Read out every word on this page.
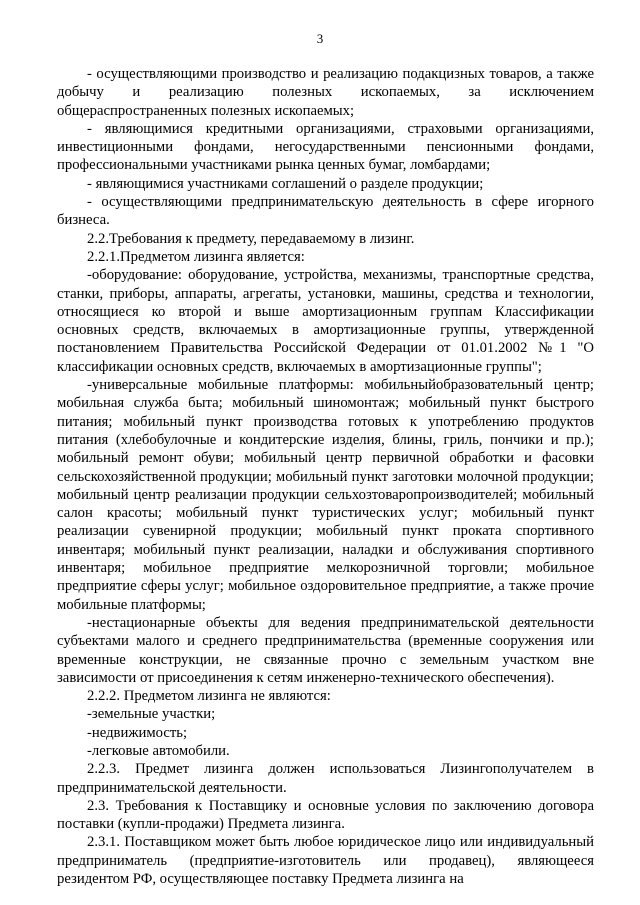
3

- осуществляющими производство и реализацию подакцизных товаров, а также добычу и реализацию полезных ископаемых, за исключением общераспространенных полезных ископаемых;

- являющимися кредитными организациями, страховыми организациями, инвестиционными фондами, негосударственными пенсионными фондами, профессиональными участниками рынка ценных бумаг, ломбардами;

- являющимися участниками соглашений о разделе продукции;

- осуществляющими предпринимательскую деятельность в сфере игорного бизнеса.

2.2.Требования к предмету, передаваемому в лизинг.

2.2.1.Предметом лизинга является:

-оборудование: оборудование, устройства, механизмы, транспортные средства, станки, приборы, аппараты, агрегаты, установки, машины, средства и технологии, относящиеся ко второй и выше амортизационным группам Классификации основных средств, включаемых в амортизационные группы, утвержденной постановлением Правительства Российской Федерации от 01.01.2002 №1 "О классификации основных средств, включаемых в амортизационные группы";

-универсальные мобильные платформы: мобильныйобразовательный центр; мобильная служба быта; мобильный шиномонтаж; мобильный пункт быстрого питания; мобильный пункт производства готовых к употреблению продуктов питания (хлебобулочные и кондитерские изделия, блины, гриль, пончики и пр.); мобильный ремонт обуви; мобильный центр первичной обработки и фасовки сельскохозяйственной продукции; мобильный пункт заготовки молочной продукции; мобильный центр реализации продукции сельхозтоваропроизводителей; мобильный салон красоты; мобильный пункт туристических услуг; мобильный пункт реализации сувенирной продукции; мобильный пункт проката спортивного инвентаря; мобильный пункт реализации, наладки и обслуживания спортивного инвентаря; мобильное предприятие мелкорозничной торговли; мобильное предприятие сферы услуг; мобильное оздоровительное предприятие, а также прочие мобильные платформы;

-нестационарные объекты для ведения предпринимательской деятельности субъектами малого и среднего предпринимательства (временные сооружения или временные конструкции, не связанные прочно с земельным участком вне зависимости от присоединения к сетям инженерно-технического обеспечения).

2.2.2. Предметом лизинга не являются:

-земельные участки;

-недвижимость;

-легковые автомобили.

2.2.3. Предмет лизинга должен использоваться Лизингополучателем в предпринимательской деятельности.

2.3. Требования к Поставщику и основные условия по заключению договора поставки (купли-продажи) Предмета лизинга.

2.3.1. Поставщиком может быть любое юридическое лицо или индивидуальный предприниматель (предприятие-изготовитель или продавец), являющееся резидентом РФ, осуществляющее поставку Предмета лизинга на
